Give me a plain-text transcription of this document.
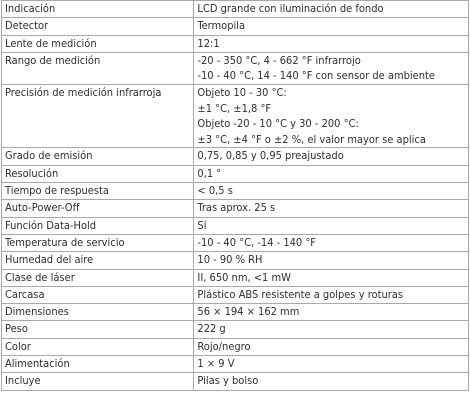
Indicación	LCD grande con iluminación de fondo

Detector	Termopila

Lente de medición	12:1

Rango de medición	-20 - 350 °C, 4 - 662 °F infrarrojo
-10 - 40 °C, 14 - 140 °F con sensor de ambiente

Precisión de medición infrarroja	Objeto 10 - 30 °C:
±1 °C, ±1,8 °F
Objeto -20 - 10 °C y 30 - 200 °C:
±3 °C, ±4 °F o ±2 %, el valor mayor se aplica

Grado de emisión	0,75, 0,85 y 0,95 preajustado

Resolución	0,1 °

Tiempo de respuesta	< 0,5 s

Auto-Power-Off	Tras aprox. 25 s

Función Data-Hold	Sí

Temperatura de servicio	-10 - 40 °C, -14 - 140 °F

Humedad del aire	10 - 90 % RH

Clase de láser	II, 650 nm, <1 mW

Carcasa	Plástico ABS resistente a golpes y roturas

Dimensiones	56 × 194 × 162 mm

Peso	222 g

Color	Rojo/negro

Alimentación	1 × 9 V

Incluye	Pilas y bolso
